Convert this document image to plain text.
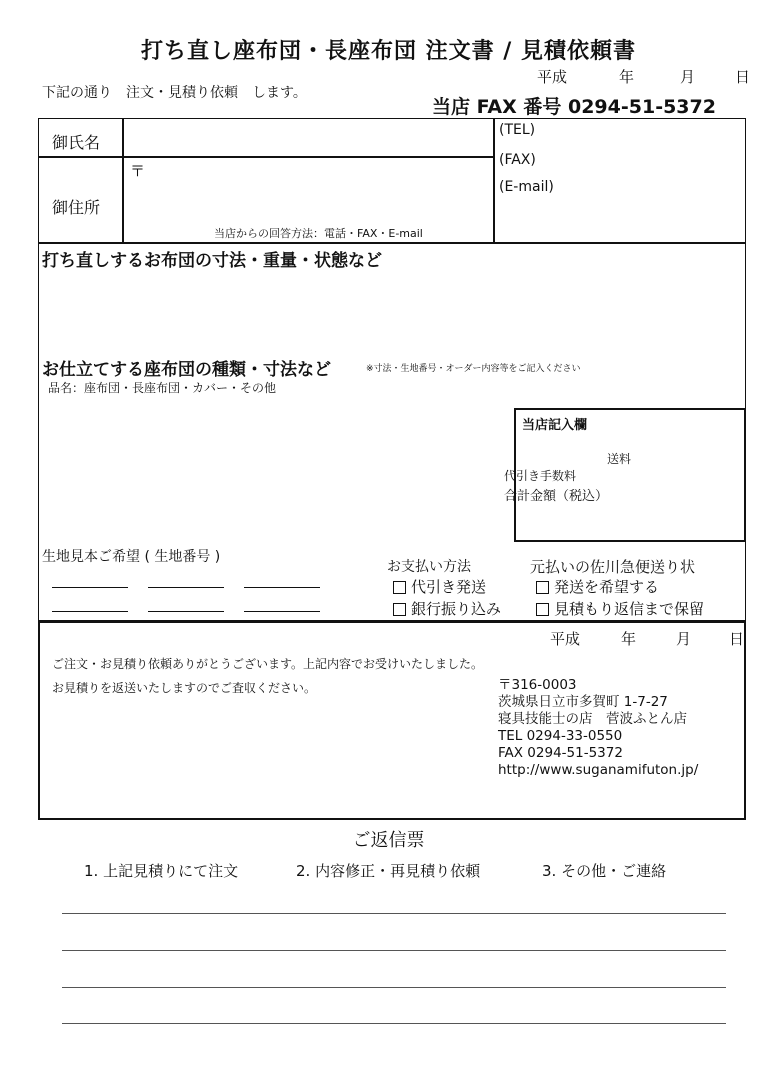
打ち直し座布団・長座布団 注文書 / 見積依頼書
下記の通り　注文・見積り依頼　します。
平成	年	月	日
当店 FAX 番号 0294-51-5372
御氏名
御住所
〒
当店からの回答方法：電話・FAX・E-mail
(TEL)
(FAX)
(E-mail)
打ち直しするお布団の寸法・重量・状態など
お仕立てする座布団の種類・寸法など	※寸法・生地番号・オーダー内容等をご記入ください
品名：座布団・長座布団・カバー・その他
当店記入欄
送料
代引き手数料
合計金額（税込）
生地見本ご希望 ( 生地番号 )
お支払い方法
代引き発送
銀行振り込み
元払いの佐川急便送り状
発送を希望する
見積もり返信まで保留
平成	年	月	日
ご注文・お見積り依頼ありがとうございます。上記内容でお受けいたしました。
お見積りを返送いたしますのでご査収ください。	〒316-0003
茨城県日立市多賀町 1-7-27
寝具技能士の店　菅波ふとん店
TEL 0294-33-0550
FAX 0294-51-5372
http://www.suganamifuton.jp/
ご返信票
1. 上記見積りにて注文	2. 内容修正・再見積り依頼	3. その他・ご連絡
